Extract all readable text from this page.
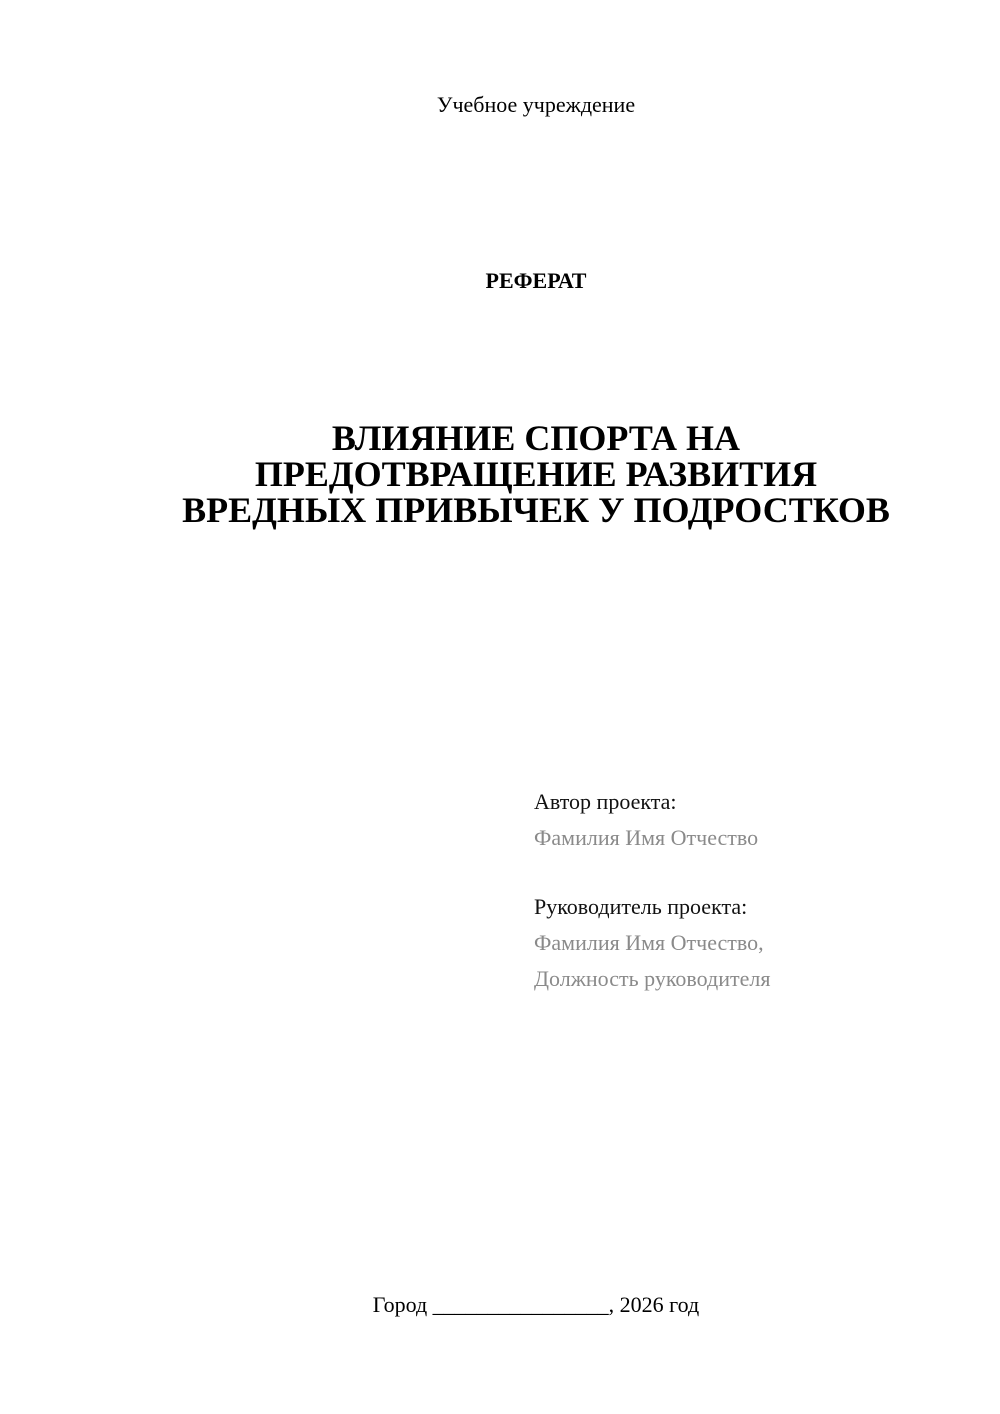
Учебное учреждение
РЕФЕРАТ
ВЛИЯНИЕ СПОРТА НА
ПРЕДОТВРАЩЕНИЕ РАЗВИТИЯ
ВРЕДНЫХ ПРИВЫЧЕК У ПОДРОСТКОВ
Автор проекта:
Фамилия Имя Отчество
Руководитель проекта:
Фамилия Имя Отчество,
Должность руководителя
Город ________________, 2026 год
